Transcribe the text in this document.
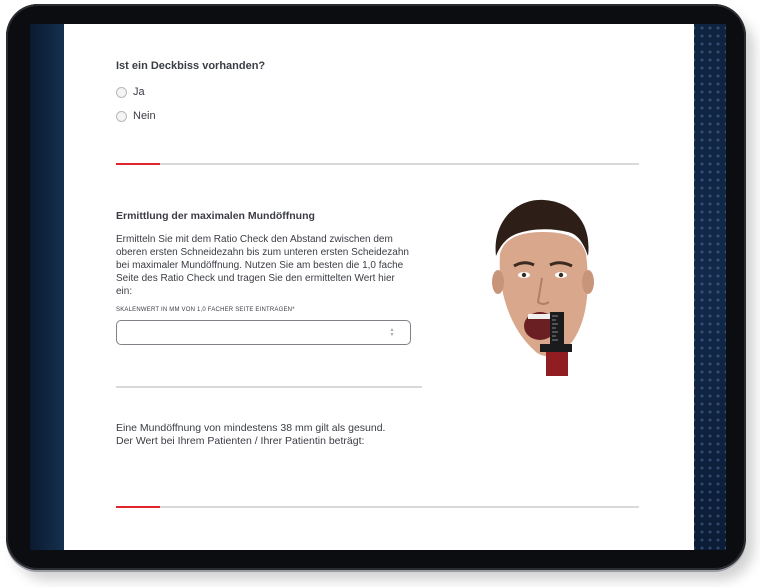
Ist ein Deckbiss vorhanden?
Ja
Nein
Ermittlung der maximalen Mundöffnung
Ermitteln Sie mit dem Ratio Check den Abstand zwischen dem
oberen ersten Schneidezahn bis zum unteren ersten Scheidezahn
bei maximaler Mundöffnung. Nutzen Sie am besten die 1,0 fache
Seite des Ratio Check und tragen Sie den ermittelten Wert hier
ein:
SKALENWERT IN MM VON 1,0 FACHER SEITE EINTRAGEN*
▲
▼
Eine Mundöffnung von mindestens 38 mm gilt als gesund.
Der Wert bei Ihrem Patienten / Ihrer Patientin beträgt:
